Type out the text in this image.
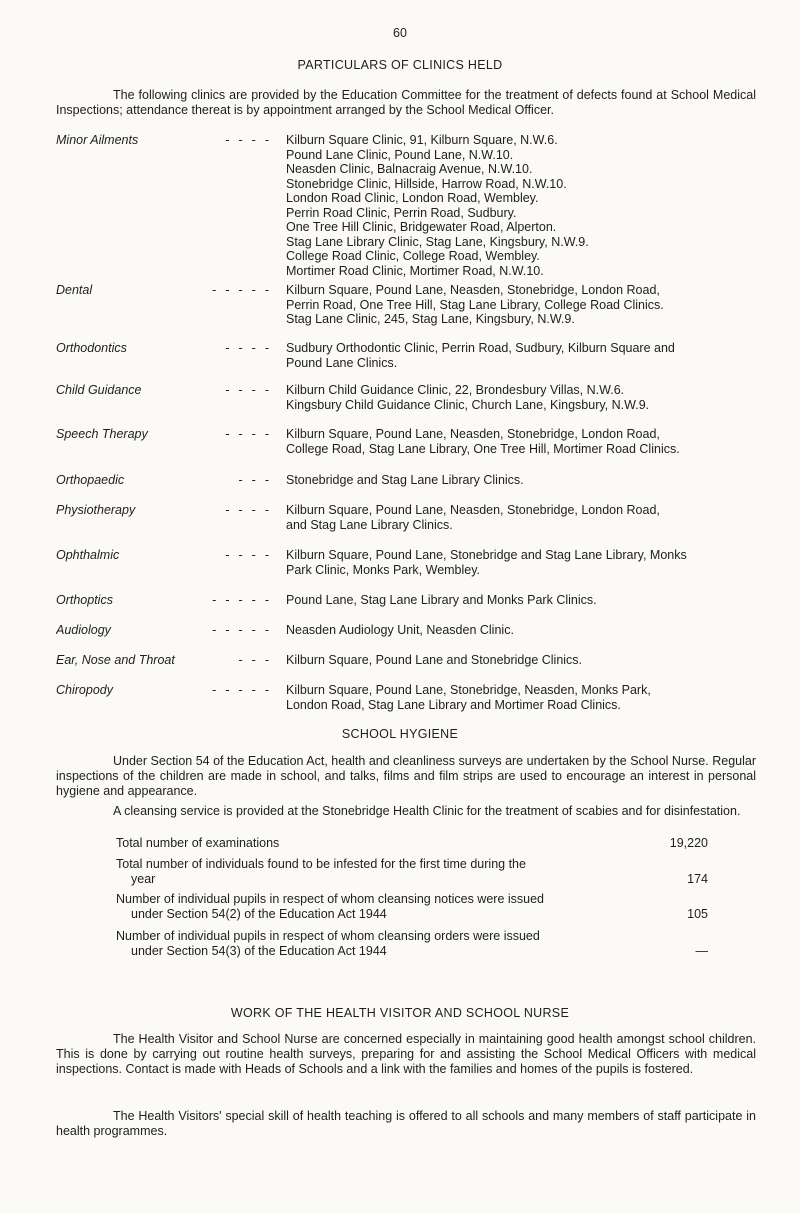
60
PARTICULARS OF CLINICS HELD

The following clinics are provided by the Education Committee for the treatment of defects found at School Medical Inspections; attendance thereat is by appointment arranged by the School Medical Officer.

Minor Ailments	---- Kilburn Square Clinic, 91, Kilburn Square, N.W.6.
Pound Lane Clinic, Pound Lane, N.W.10.
Neasden Clinic, Balnacraig Avenue, N.W.10.
Stonebridge Clinic, Hillside, Harrow Road, N.W.10.
London Road Clinic, London Road, Wembley.
Perrin Road Clinic, Perrin Road, Sudbury.
One Tree Hill Clinic, Bridgewater Road, Alperton.
Stag Lane Library Clinic, Stag Lane, Kingsbury, N.W.9.
College Road Clinic, College Road, Wembley.
Mortimer Road Clinic, Mortimer Road, N.W.10.
Dental	----- Kilburn Square, Pound Lane, Neasden, Stonebridge, London Road,
Perrin Road, One Tree Hill, Stag Lane Library, College Road Clinics.
Stag Lane Clinic, 245, Stag Lane, Kingsbury, N.W.9.
Orthodontics	---- Sudbury Orthodontic Clinic, Perrin Road, Sudbury, Kilburn Square and
Pound Lane Clinics.
Child Guidance	---- Kilburn Child Guidance Clinic, 22, Brondesbury Villas, N.W.6.
Kingsbury Child Guidance Clinic, Church Lane, Kingsbury, N.W.9.
Speech Therapy	---- Kilburn Square, Pound Lane, Neasden, Stonebridge, London Road,
College Road, Stag Lane Library, One Tree Hill, Mortimer Road Clinics.
Orthopaedic	--- Stonebridge and Stag Lane Library Clinics.
Physiotherapy	---- Kilburn Square, Pound Lane, Neasden, Stonebridge, London Road,
and Stag Lane Library Clinics.
Ophthalmic	---- Kilburn Square, Pound Lane, Stonebridge and Stag Lane Library, Monks
Park Clinic, Monks Park, Wembley.
Orthoptics	----- Pound Lane, Stag Lane Library and Monks Park Clinics.
Audiology	----- Neasden Audiology Unit, Neasden Clinic.
Ear, Nose and Throat	--- Kilburn Square, Pound Lane and Stonebridge Clinics.
Chiropody	----- Kilburn Square, Pound Lane, Stonebridge, Neasden, Monks Park,
London Road, Stag Lane Library and Mortimer Road Clinics.
SCHOOL HYGIENE

Under Section 54 of the Education Act, health and cleanliness surveys are undertaken by the School Nurse. Regular inspections of the children are made in school, and talks, films and film strips are used to encourage an interest in personal hygiene and appearance.

A cleansing service is provided at the Stonebridge Health Clinic for the treatment of scabies and for disinfestation.

Total number of examinations	19,220
Total number of individuals found to be infested for the first time during the
year	174
Number of individual pupils in respect of whom cleansing notices were issued
under Section 54(2) of the Education Act 1944	105
Number of individual pupils in respect of whom cleansing orders were issued
under Section 54(3) of the Education Act 1944	—
WORK OF THE HEALTH VISITOR AND SCHOOL NURSE

The Health Visitor and School Nurse are concerned especially in maintaining good health amongst school children. This is done by carrying out routine health surveys, preparing for and assisting the School Medical Officers with medical inspections. Contact is made with Heads of Schools and a link with the families and homes of the pupils is fostered.

The Health Visitors' special skill of health teaching is offered to all schools and many members of staff participate in health programmes.
